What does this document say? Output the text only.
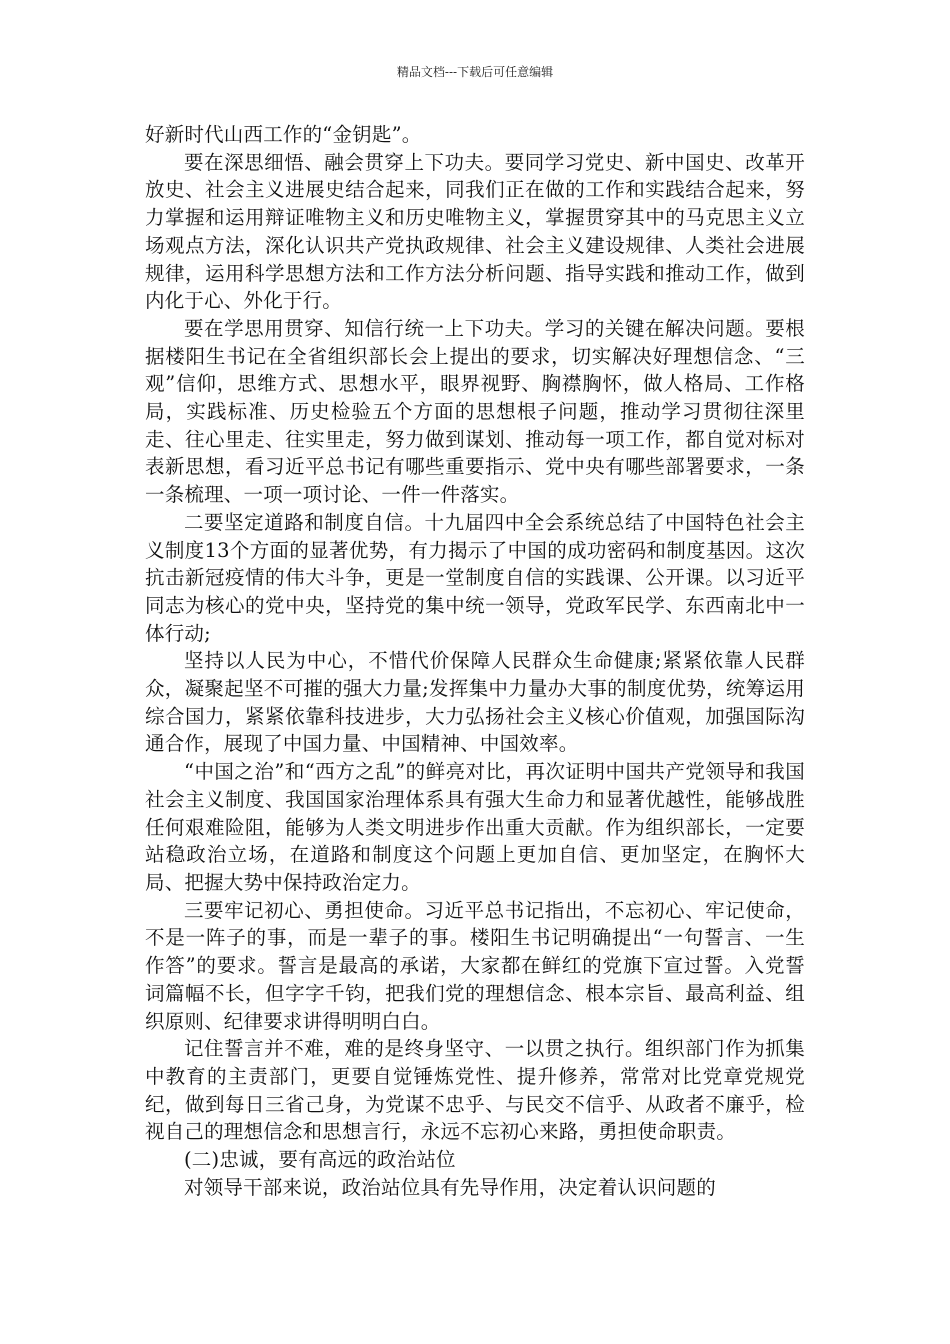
精品文档---下载后可任意编辑

好新时代山西工作的“金钥匙”。

要在深思细悟、融会贯穿上下功夫。要同学习党史、新中国史、改革开放史、社会主义进展史结合起来，同我们正在做的工作和实践结合起来，努力掌握和运用辩证唯物主义和历史唯物主义，掌握贯穿其中的马克思主义立场观点方法，深化认识共产党执政规律、社会主义建设规律、人类社会进展规律，运用科学思想方法和工作方法分析问题、指导实践和推动工作，做到内化于心、外化于行。

要在学思用贯穿、知信行统一上下功夫。学习的关键在解决问题。要根据楼阳生书记在全省组织部长会上提出的要求，切实解决好理想信念、“三观”信仰，思维方式、思想水平，眼界视野、胸襟胸怀，做人格局、工作格局，实践标准、历史检验五个方面的思想根子问题，推动学习贯彻往深里走、往心里走、往实里走，努力做到谋划、推动每一项工作，都自觉对标对表新思想，看习近平总书记有哪些重要指示、党中央有哪些部署要求，一条一条梳理、一项一项讨论、一件一件落实。

二要坚定道路和制度自信。十九届四中全会系统总结了中国特色社会主义制度13个方面的显著优势，有力揭示了中国的成功密码和制度基因。这次抗击新冠疫情的伟大斗争，更是一堂制度自信的实践课、公开课。以习近平同志为核心的党中央，坚持党的集中统一领导，党政军民学、东西南北中一体行动;

坚持以人民为中心，不惜代价保障人民群众生命健康;紧紧依靠人民群众，凝聚起坚不可摧的强大力量;发挥集中力量办大事的制度优势，统筹运用综合国力，紧紧依靠科技进步，大力弘扬社会主义核心价值观，加强国际沟通合作，展现了中国力量、中国精神、中国效率。

“中国之治”和“西方之乱”的鲜亮对比，再次证明中国共产党领导和我国社会主义制度、我国国家治理体系具有强大生命力和显著优越性，能够战胜任何艰难险阻，能够为人类文明进步作出重大贡献。作为组织部长，一定要站稳政治立场，在道路和制度这个问题上更加自信、更加坚定，在胸怀大局、把握大势中保持政治定力。

三要牢记初心、勇担使命。习近平总书记指出，不忘初心、牢记使命，不是一阵子的事，而是一辈子的事。楼阳生书记明确提出“一句誓言、一生作答”的要求。誓言是最高的承诺，大家都在鲜红的党旗下宣过誓。入党誓词篇幅不长，但字字千钧，把我们党的理想信念、根本宗旨、最高利益、组织原则、纪律要求讲得明明白白。

记住誓言并不难，难的是终身坚守、一以贯之执行。组织部门作为抓集中教育的主责部门，更要自觉锤炼党性、提升修养，常常对比党章党规党纪，做到每日三省己身，为党谋不忠乎、与民交不信乎、从政者不廉乎，检视自己的理想信念和思想言行，永远不忘初心来路，勇担使命职责。

(二)忠诚，要有高远的政治站位

对领导干部来说，政治站位具有先导作用，决定着认识问题的
